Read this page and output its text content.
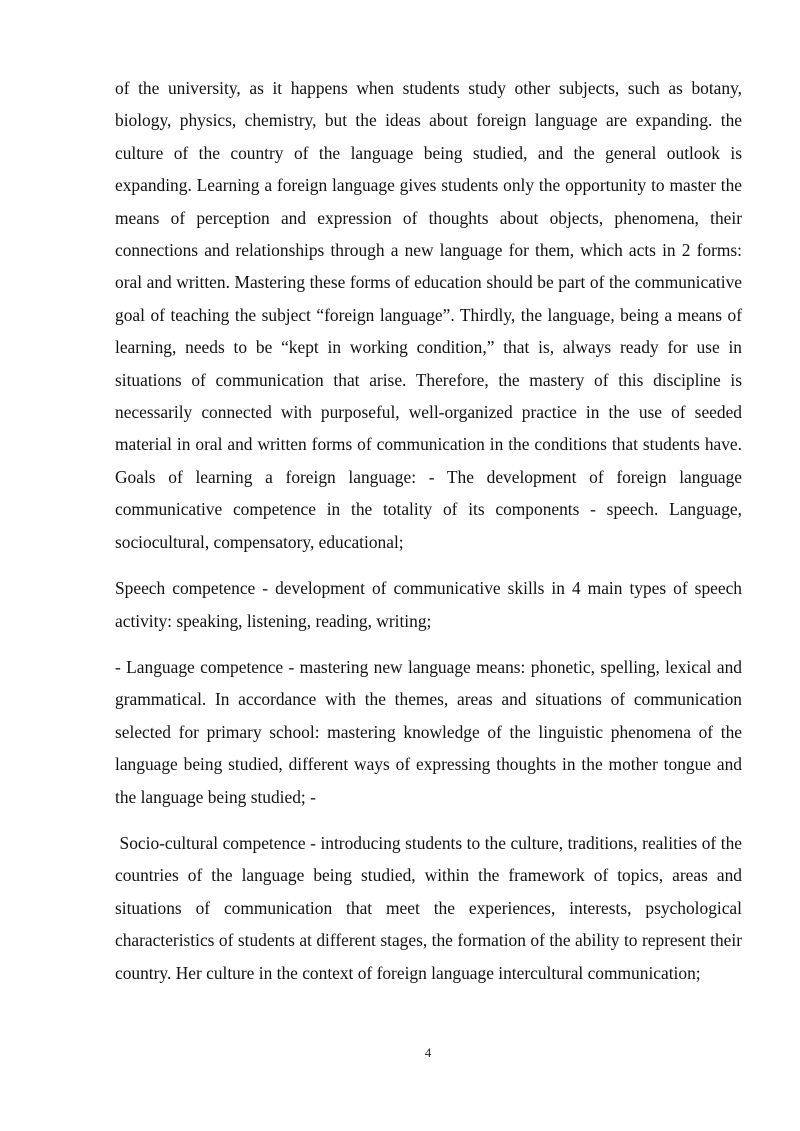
of the university, as it happens when students study other subjects, such as botany, biology, physics, chemistry, but the ideas about foreign language are expanding. the culture of the country of the language being studied, and the general outlook is expanding. Learning a foreign language gives students only the opportunity to master the means of perception and expression of thoughts about objects, phenomena, their connections and relationships through a new language for them, which acts in 2 forms: oral and written. Mastering these forms of education should be part of the communicative goal of teaching the subject “foreign language”. Thirdly, the language, being a means of learning, needs to be “kept in working condition,” that is, always ready for use in situations of communication that arise. Therefore, the mastery of this discipline is necessarily connected with purposeful, well-organized practice in the use of seeded material in oral and written forms of communication in the conditions that students have. Goals of learning a foreign language: - The development of foreign language communicative competence in the totality of its components - speech. Language, sociocultural, compensatory, educational;

Speech competence - development of communicative skills in 4 main types of speech activity: speaking, listening, reading, writing;

- Language competence - mastering new language means: phonetic, spelling, lexical and grammatical. In accordance with the themes, areas and situations of communication selected for primary school: mastering knowledge of the linguistic phenomena of the language being studied, different ways of expressing thoughts in the mother tongue and the language being studied; -

Socio-cultural competence - introducing students to the culture, traditions, realities of the countries of the language being studied, within the framework of topics, areas and situations of communication that meet the experiences, interests, psychological characteristics of students at different stages, the formation of the ability to represent their country. Her culture in the context of foreign language intercultural communication;

4
